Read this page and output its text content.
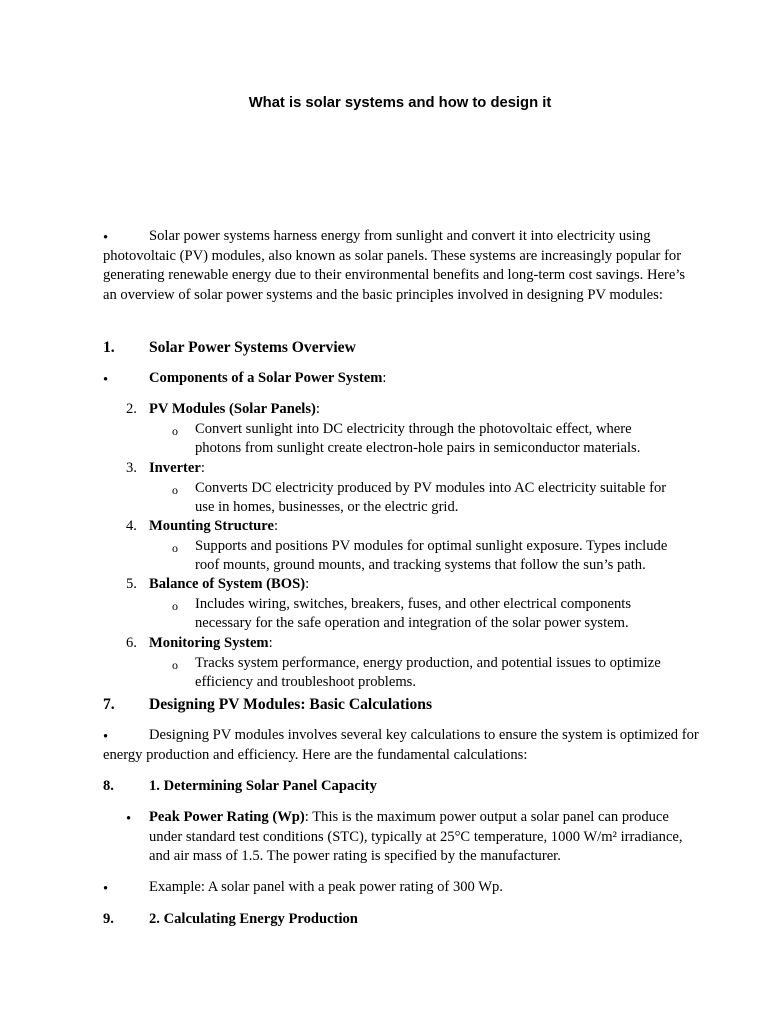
What is solar systems and how to design it
•	Solar power systems harness energy from sunlight and convert it into electricity using photovoltaic (PV) modules, also known as solar panels. These systems are increasingly popular for generating renewable energy due to their environmental benefits and long-term cost savings. Here’s an overview of solar power systems and the basic principles involved in designing PV modules:
1. Solar Power Systems Overview
•	Components of a Solar Power System:
2. PV Modules (Solar Panels):
o Convert sunlight into DC electricity through the photovoltaic effect, where
photons from sunlight create electron-hole pairs in semiconductor materials.
3. Inverter:
o Converts DC electricity produced by PV modules into AC electricity suitable for
use in homes, businesses, or the electric grid.
4. Mounting Structure:
o Supports and positions PV modules for optimal sunlight exposure. Types include
roof mounts, ground mounts, and tracking systems that follow the sun’s path.
5. Balance of System (BOS):
o Includes wiring, switches, breakers, fuses, and other electrical components
necessary for the safe operation and integration of the solar power system.
6. Monitoring System:
o Tracks system performance, energy production, and potential issues to optimize
efficiency and troubleshoot problems.
7. Designing PV Modules: Basic Calculations
•	Designing PV modules involves several key calculations to ensure the system is optimized for energy production and efficiency. Here are the fundamental calculations:
8. 1. Determining Solar Panel Capacity
• Peak Power Rating (Wp): This is the maximum power output a solar panel can produce under standard test conditions (STC), typically at 25°C temperature, 1000 W/m² irradiance, and air mass of 1.5. The power rating is specified by the manufacturer.
•	Example: A solar panel with a peak power rating of 300 Wp.
9. 2. Calculating Energy Production
